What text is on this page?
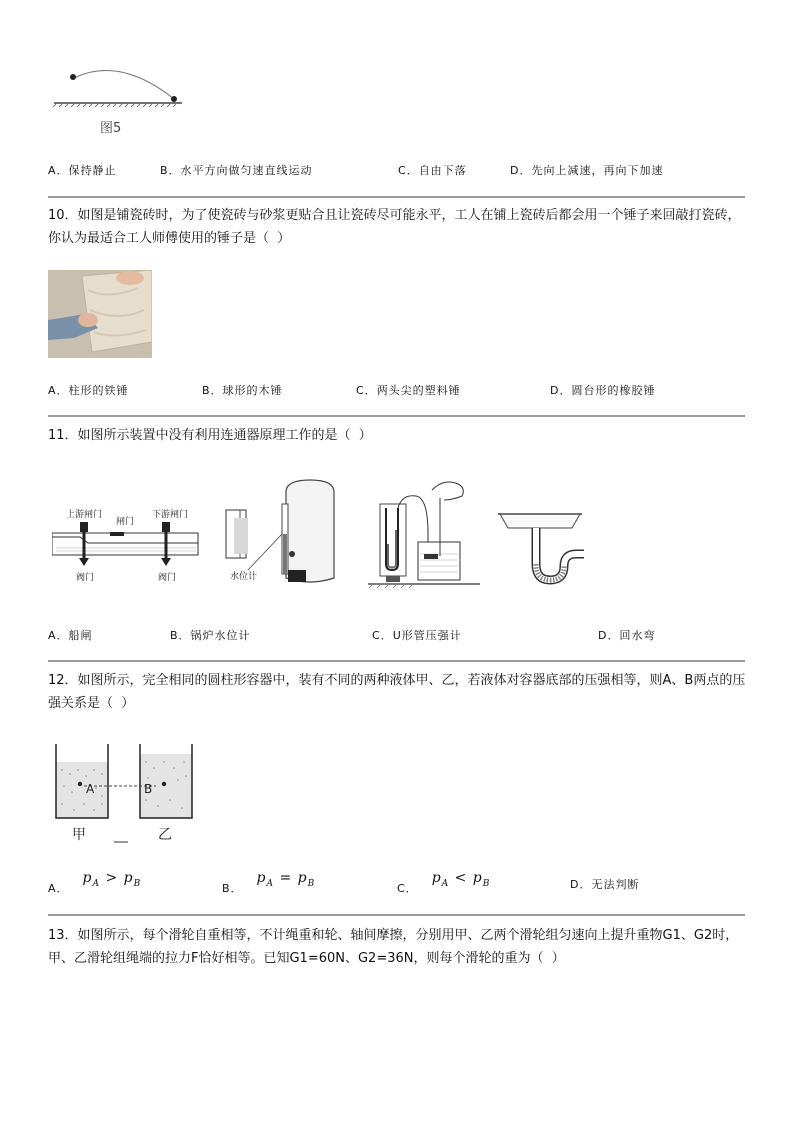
图5
A．保持静止	B．水平方向做匀速直线运动	C．自由下落	D．先向上减速，再向下加速
10．如图是铺瓷砖时，为了使瓷砖与砂浆更贴合且让瓷砖尽可能永平，工人在铺上瓷砖后都会用一个锤子来回敲打瓷砖，你认为最适合工人师傅使用的锤子是（  ）
A．柱形的铁锤	B．球形的木锤	C．两头尖的塑料锤	D．圆台形的橡胶锤
11．如图所示装置中没有利用连通器原理工作的是（  ）
上游闸门
闸门
下游闸门
阀门	阀门	水位计
A．船闸	B．锅炉水位计	C．U形管压强计	D．回水弯
12．如图所示，完全相同的圆柱形容器中，装有不同的两种液体甲、乙，若液体对容器底部的压强相等，则A、B两点的压强关系是（  ）
A	B
甲	乙
A．$p_A > p_B$	B．$p_A = p_B$	C．$p_A < p_B$	D．无法判断
13．如图所示，每个滑轮自重相等，不计绳重和轮、轴间摩擦，分别用甲、乙两个滑轮组匀速向上提升重物G1、G2时，甲、乙滑轮组绳端的拉力F恰好相等。已知G1=60N、G2=36N，则每个滑轮的重为（  ）
